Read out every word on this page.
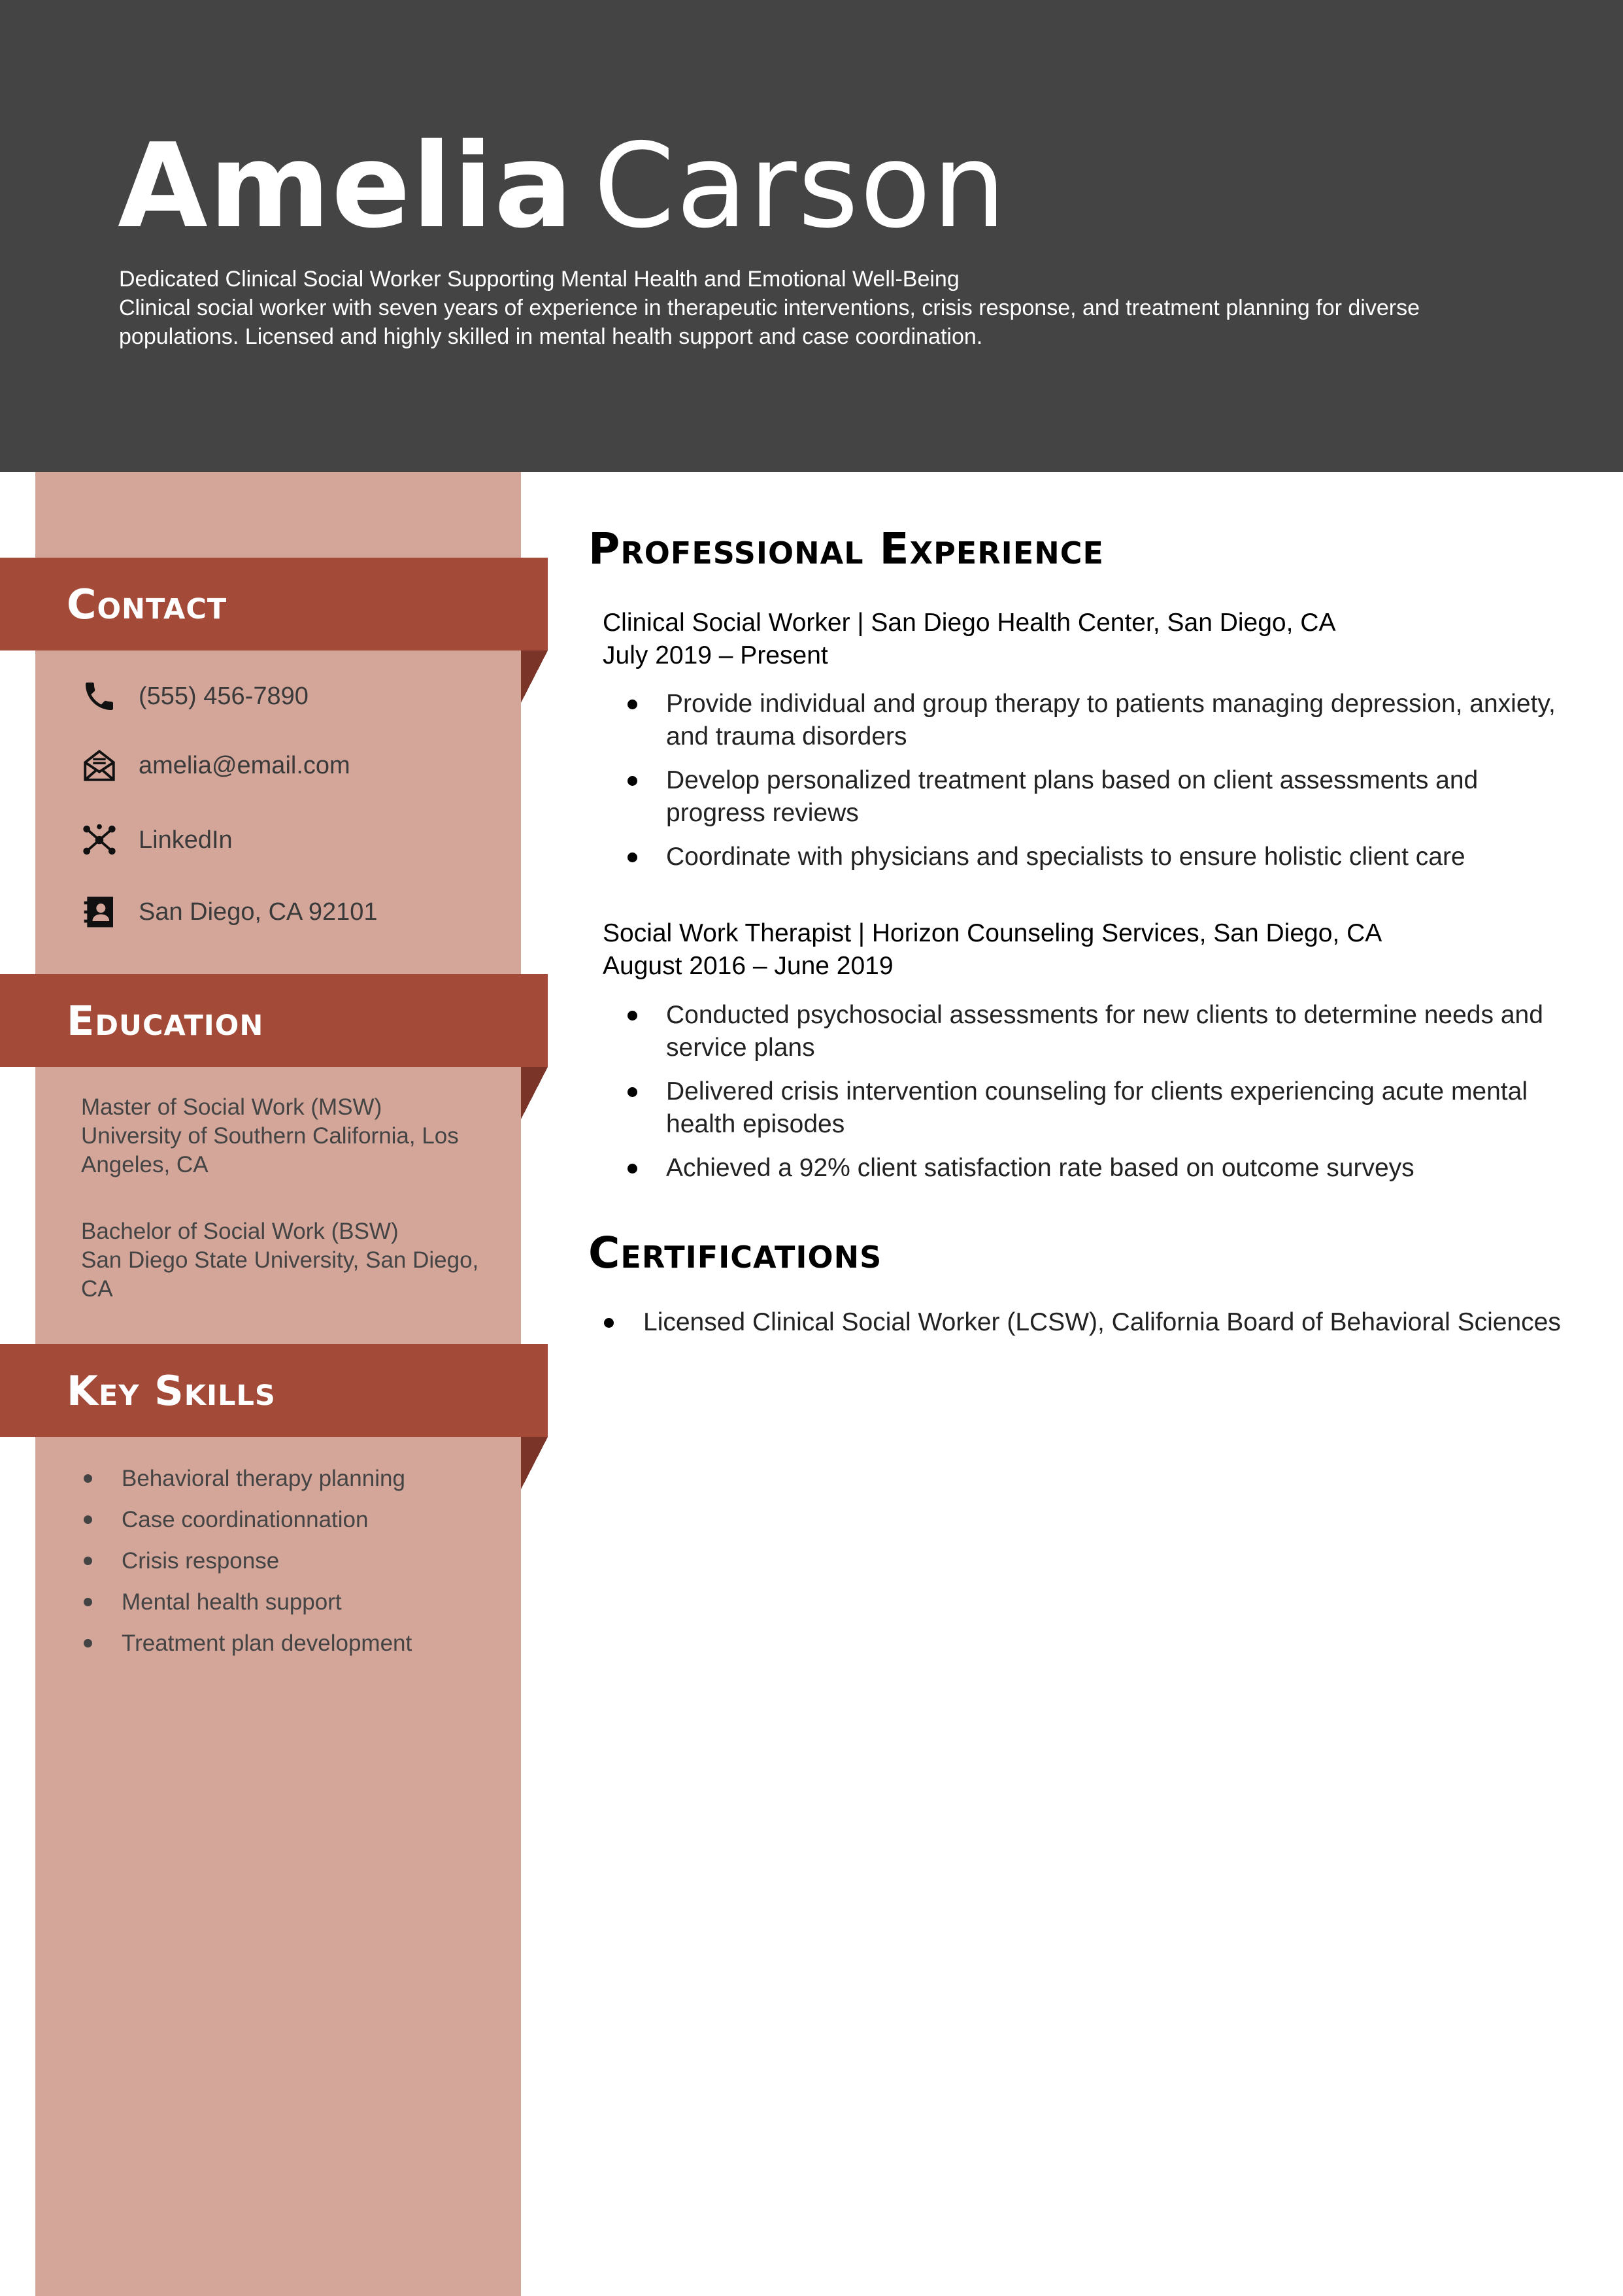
Amelia Carson
Dedicated Clinical Social Worker Supporting Mental Health and Emotional Well-Being
Clinical social worker with seven years of experience in therapeutic interventions, crisis response, and treatment planning for diverse populations. Licensed and highly skilled in mental health support and case coordination.
Contact
(555) 456-7890
amelia@email.com
LinkedIn
San Diego, CA 92101
Education
Master of Social Work (MSW)
University of Southern California, Los Angeles, CA
Bachelor of Social Work (BSW)
San Diego State University, San Diego, CA
Key Skills
Behavioral therapy planning
Case coordinationnation
Crisis response
Mental health support
Treatment plan development
Professional Experience
Clinical Social Worker | San Diego Health Center, San Diego, CA
July 2019 – Present
Provide individual and group therapy to patients managing depression, anxiety, and trauma disorders
Develop personalized treatment plans based on client assessments and progress reviews
Coordinate with physicians and specialists to ensure holistic client care
Social Work Therapist | Horizon Counseling Services, San Diego, CA
August 2016 – June 2019
Conducted psychosocial assessments for new clients to determine needs and service plans
Delivered crisis intervention counseling for clients experiencing acute mental health episodes
Achieved a 92% client satisfaction rate based on outcome surveys
Certifications
Licensed Clinical Social Worker (LCSW), California Board of Behavioral Sciences
